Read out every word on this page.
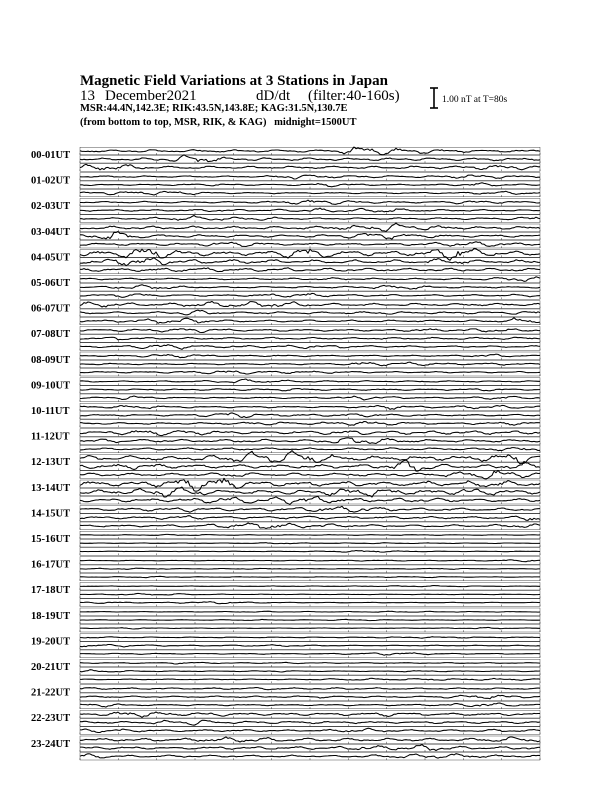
00-01UT
01-02UT
02-03UT
03-04UT
04-05UT
05-06UT
06-07UT
07-08UT
08-09UT
09-10UT
10-11UT
11-12UT
12-13UT
13-14UT
14-15UT
15-16UT
16-17UT
17-18UT
18-19UT
19-20UT
20-21UT
21-22UT
22-23UT
23-24UT
Magnetic Field Variations at 3 Stations in Japan
13 December2021	dD/dt (filter:40-160s)
MSR:44.4N,142.3E; RIK:43.5N,143.8E; KAG:31.5N,130.7E
(from bottom to top, MSR, RIK, & KAG) midnight=1500UT
1.00 nT at T=80s
